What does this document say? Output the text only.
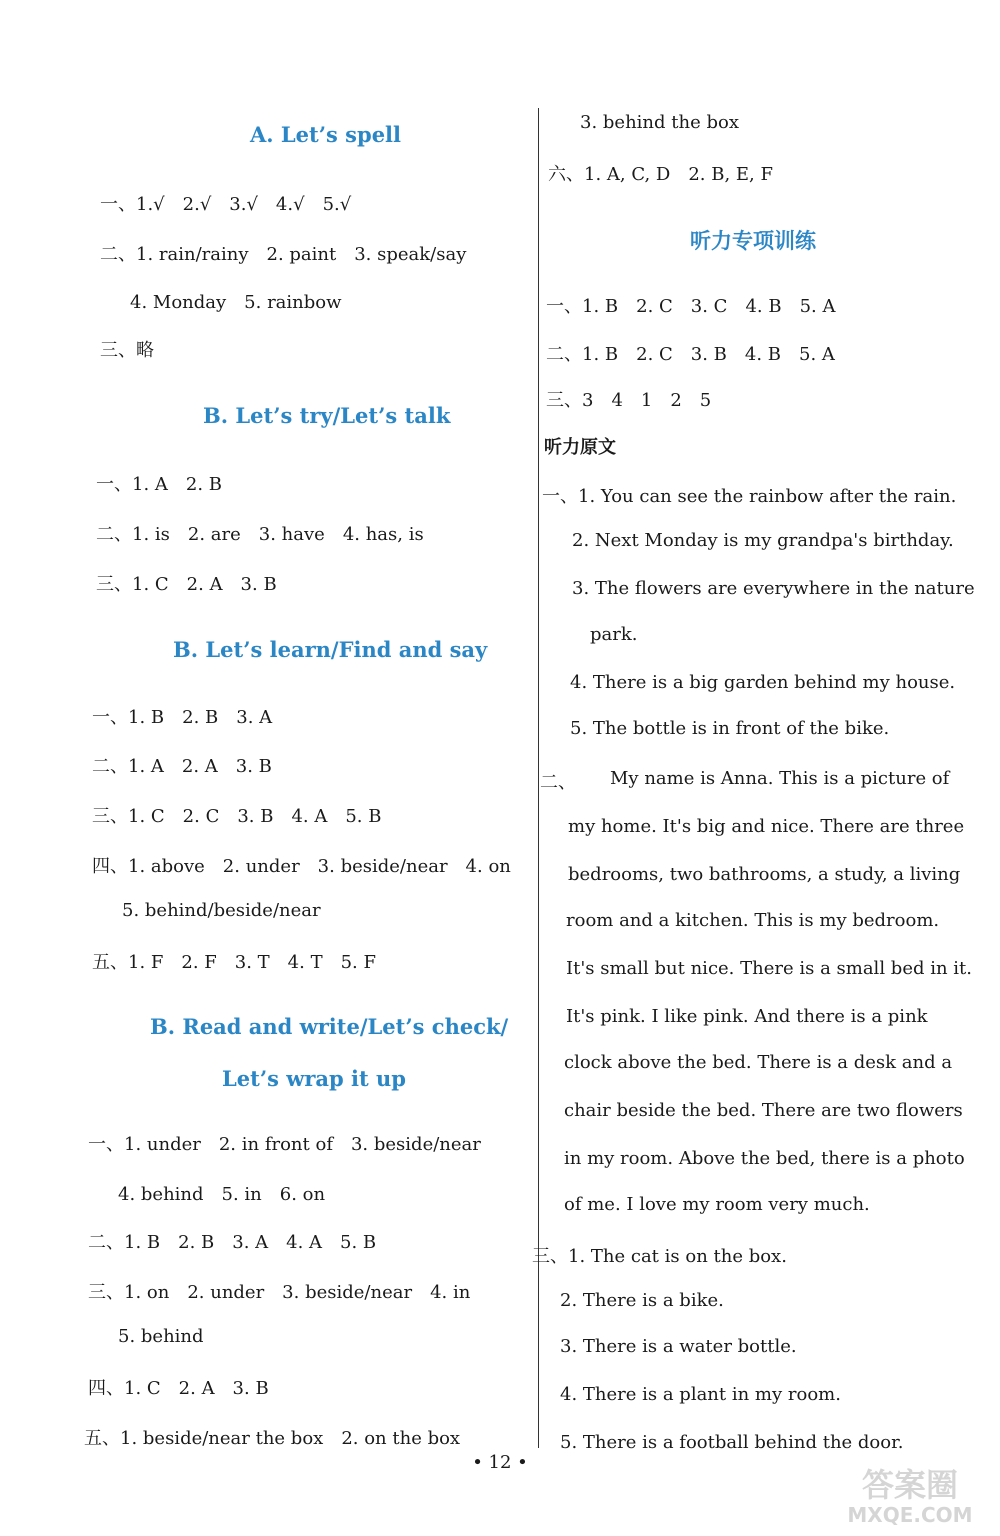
A. Let’s spell
一、1.√　2.√　3.√　4.√　5.√
二、1. rain/rainy　2. paint　3. speak/say
4. Monday　5. rainbow
三、略
B. Let’s try/Let’s talk
一、1. A　2. B
二、1. is　2. are　3. have　4. has, is
三、1. C　2. A　3. B
B. Let’s learn/Find and say
一、1. B　2. B　3. A
二、1. A　2. A　3. B
三、1. C　2. C　3. B　4. A　5. B
四、1. above　2. under　3. beside/near　4. on
5. behind/beside/near
五、1. F　2. F　3. T　4. T　5. F
B. Read and write/Let’s check/
Let’s wrap it up
一、1. under　2. in front of　3. beside/near
4. behind　5. in　6. on
二、1. B　2. B　3. A　4. A　5. B
三、1. on　2. under　3. beside/near　4. in
5. behind
四、1. C　2. A　3. B
五、1. beside/near the box　2. on the box
3. behind the box
六、1. A, C, D　2. B, E, F
听力专项训练
一、1. B　2. C　3. C　4. B　5. A
二、1. B　2. C　3. B　4. B　5. A
三、3　4　1　2　5
听力原文
一、1. You can see the rainbow after the rain.
2. Next Monday is my grandpa's birthday.
3. The flowers are everywhere in the nature
park.
4. There is a big garden behind my house.
5. The bottle is in front of the bike.
二、 My name is Anna. This is a picture of
my home. It's big and nice. There are three
bedrooms, two bathrooms, a study, a living
room and a kitchen. This is my bedroom.
It's small but nice. There is a small bed in it.
It's pink. I like pink. And there is a pink
clock above the bed. There is a desk and a
chair beside the bed. There are two flowers
in my room. Above the bed, there is a photo
of me. I love my room very much.
三、1. The cat is on the box.
2. There is a bike.
3. There is a water bottle.
4. There is a plant in my room.
5. There is a football behind the door.
• 12 •
答案圈
MXQE.COM
